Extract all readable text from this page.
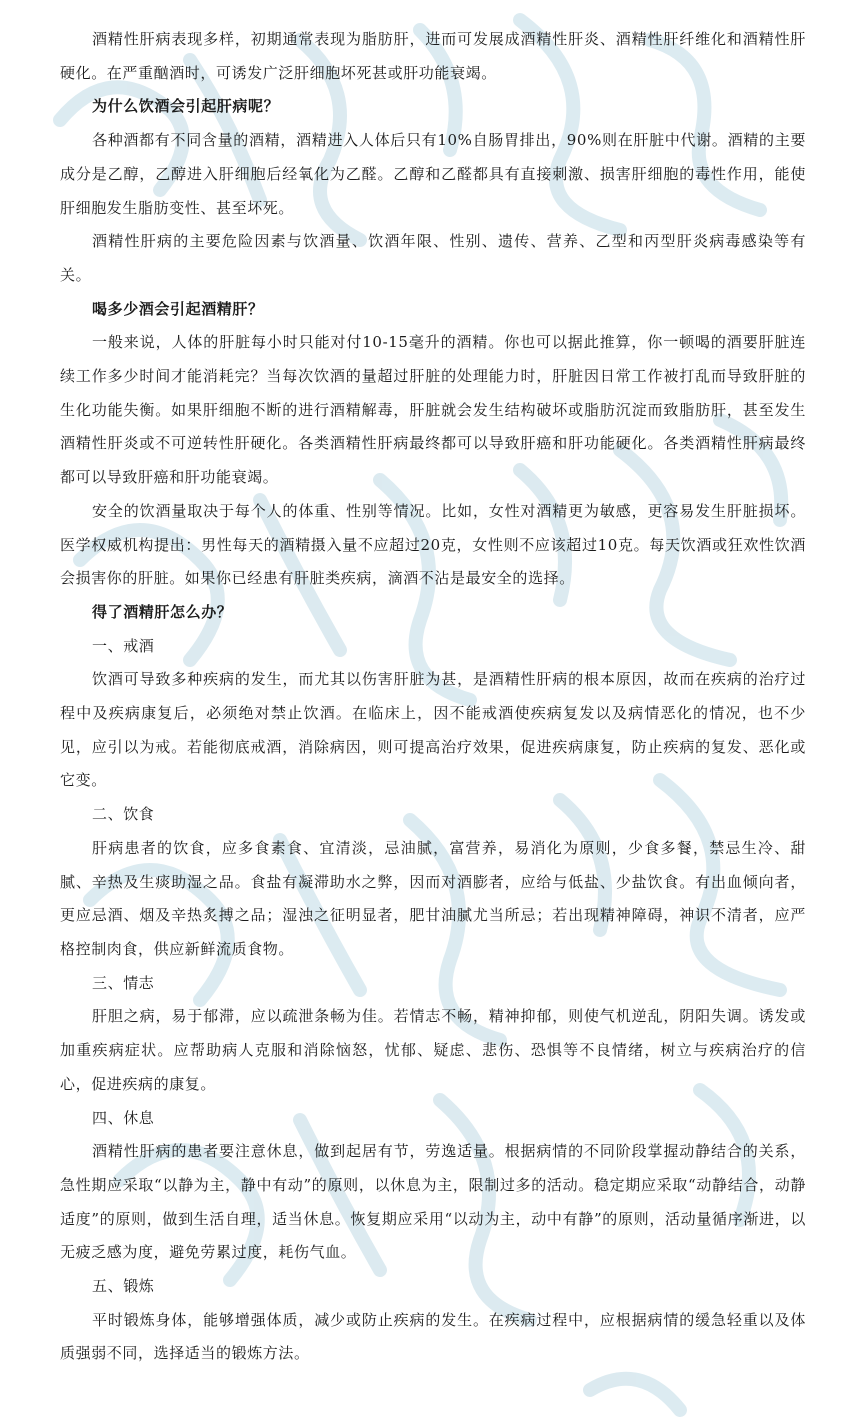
酒精性肝病表现多样，初期通常表现为脂肪肝，进而可发展成酒精性肝炎、酒精性肝纤维化和酒精性肝硬化。在严重酗酒时，可诱发广泛肝细胞坏死甚或肝功能衰竭。

为什么饮酒会引起肝病呢？

各种酒都有不同含量的酒精，酒精进入人体后只有10%自肠胃排出，90%则在肝脏中代谢。酒精的主要成分是乙醇，乙醇进入肝细胞后经氧化为乙醛。乙醇和乙醛都具有直接刺激、损害肝细胞的毒性作用，能使肝细胞发生脂肪变性、甚至坏死。

酒精性肝病的主要危险因素与饮酒量、饮酒年限、性别、遗传、营养、乙型和丙型肝炎病毒感染等有关。

喝多少酒会引起酒精肝？

一般来说，人体的肝脏每小时只能对付10-15毫升的酒精。你也可以据此推算，你一顿喝的酒要肝脏连续工作多少时间才能消耗完？当每次饮酒的量超过肝脏的处理能力时，肝脏因日常工作被打乱而导致肝脏的生化功能失衡。如果肝细胞不断的进行酒精解毒，肝脏就会发生结构破坏或脂肪沉淀而致脂肪肝，甚至发生酒精性肝炎或不可逆转性肝硬化。各类酒精性肝病最终都可以导致肝癌和肝功能硬化。各类酒精性肝病最终都可以导致肝癌和肝功能衰竭。

安全的饮酒量取决于每个人的体重、性别等情况。比如，女性对酒精更为敏感，更容易发生肝脏损坏。医学权威机构提出：男性每天的酒精摄入量不应超过20克，女性则不应该超过10克。每天饮酒或狂欢性饮酒会损害你的肝脏。如果你已经患有肝脏类疾病，滴酒不沾是最安全的选择。

得了酒精肝怎么办？

一、戒酒

饮酒可导致多种疾病的发生，而尤其以伤害肝脏为甚，是酒精性肝病的根本原因，故而在疾病的治疗过程中及疾病康复后，必须绝对禁止饮酒。在临床上，因不能戒酒使疾病复发以及病情恶化的情况，也不少见，应引以为戒。若能彻底戒酒，消除病因，则可提高治疗效果，促进疾病康复，防止疾病的复发、恶化或它变。

二、饮食

肝病患者的饮食，应多食素食、宜清淡，忌油腻，富营养，易消化为原则，少食多餐，禁忌生冷、甜腻、辛热及生痰助湿之品。食盐有凝滞助水之弊，因而对酒膨者，应给与低盐、少盐饮食。有出血倾向者，更应忌酒、烟及辛热炙搏之品；湿浊之征明显者，肥甘油腻尤当所忌；若出现精神障碍，神识不清者，应严格控制肉食，供应新鲜流质食物。

三、情志

肝胆之病，易于郁滞，应以疏泄条畅为佳。若情志不畅，精神抑郁，则使气机逆乱，阴阳失调。诱发或加重疾病症状。应帮助病人克服和消除恼怒，忧郁、疑虑、悲伤、恐惧等不良情绪，树立与疾病治疗的信心，促进疾病的康复。

四、休息

酒精性肝病的患者要注意休息，做到起居有节，劳逸适量。根据病情的不同阶段掌握动静结合的关系，急性期应采取“以静为主，静中有动”的原则，以休息为主，限制过多的活动。稳定期应采取“动静结合，动静适度”的原则，做到生活自理，适当休息。恢复期应采用“以动为主，动中有静”的原则，活动量循序渐进，以无疲乏感为度，避免劳累过度，耗伤气血。

五、锻炼

平时锻炼身体，能够增强体质，减少或防止疾病的发生。在疾病过程中，应根据病情的缓急轻重以及体质强弱不同，选择适当的锻炼方法。
